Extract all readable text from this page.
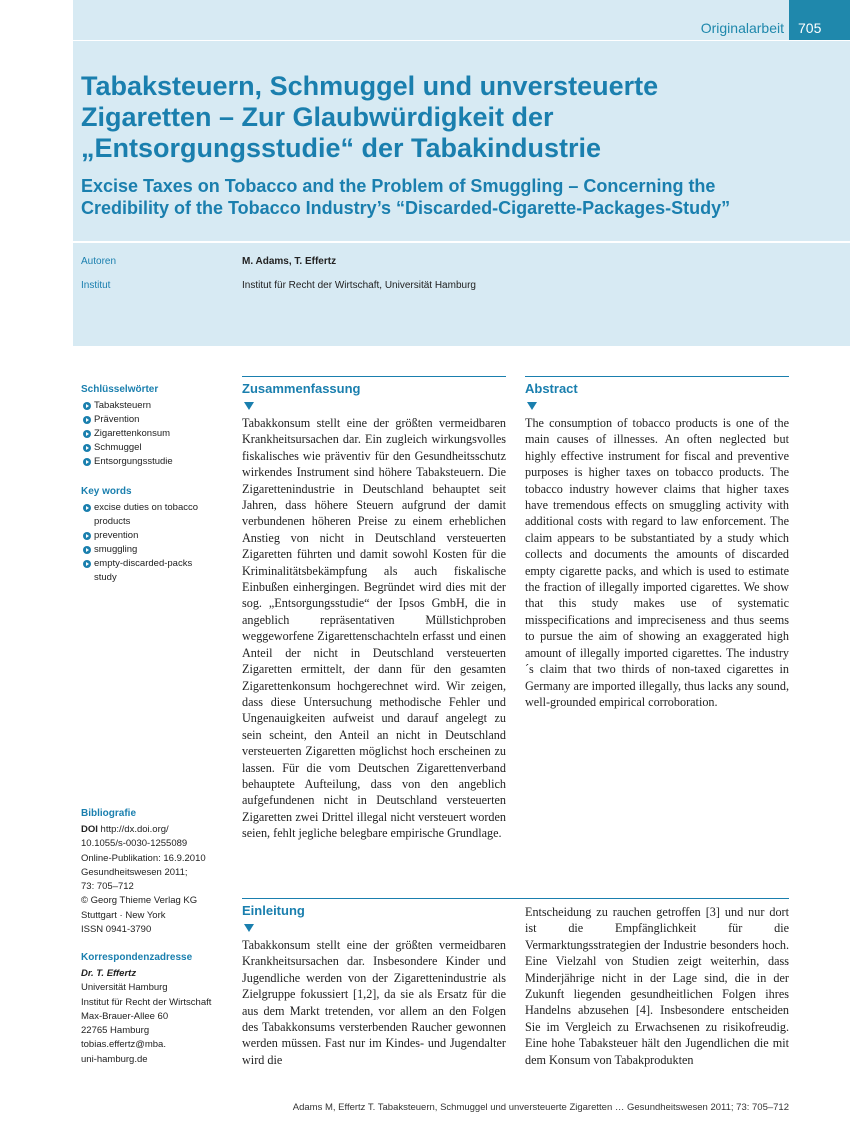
Originalarbeit	705
Tabaksteuern, Schmuggel und unversteuerte Zigaretten – Zur Glaubwürdigkeit der „Entsorgungsstudie“ der Tabakindustrie
Excise Taxes on Tobacco and the Problem of Smuggling – Concerning the Credibility of the Tobacco Industry’s “Discarded-Cigarette-Packages-Study”
Autoren	M. Adams, T. Effertz
Institut	Institut für Recht der Wirtschaft, Universität Hamburg
Schlüsselwörter
Tabaksteuern
Prävention
Zigarettenkonsum
Schmuggel
Entsorgungsstudie
Key words
excise duties on tobacco products
prevention
smuggling
empty-discarded-packs study
Bibliografie
DOI http://dx.doi.org/
10.1055/s-0030-1255089
Online-Publikation: 16.9.2010
Gesundheitswesen 2011;
73: 705–712
© Georg Thieme Verlag KG
Stuttgart · New York
ISSN 0941-3790
Korrespondenzadresse
Dr. T. Effertz
Universität Hamburg
Institut für Recht der Wirtschaft
Max-Brauer-Allee 60
22765 Hamburg
tobias.effertz@mba.
uni-hamburg.de
Zusammenfassung
Tabakkonsum stellt eine der größten vermeidbaren Krankheitsursachen dar. Ein zugleich wirkungsvolles fiskalisches wie präventiv für den Gesundheitsschutz wirkendes Instrument sind höhere Tabaksteuern. Die Zigarettenindustrie in Deutschland behauptet seit Jahren, dass höhere Steuern aufgrund der damit verbundenen höheren Preise zu einem erheblichen Anstieg von nicht in Deutschland versteuerten Zigaretten führten und damit sowohl Kosten für die Kriminalitätsbekämpfung als auch fiskalische Einbußen einhergingen. Begründet wird dies mit der sog. „Entsorgungsstudie“ der Ipsos GmbH, die in angeblich repräsentativen Müllstichproben weggeworfene Zigarettenschachteln erfasst und einen Anteil der nicht in Deutschland versteuerten Zigaretten ermittelt, der dann für den gesamten Zigarettenkonsum hochgerechnet wird. Wir zeigen, dass diese Untersuchung methodische Fehler und Ungenauigkeiten aufweist und darauf angelegt zu sein scheint, den Anteil an nicht in Deutschland versteuerten Zigaretten möglichst hoch erscheinen zu lassen. Für die vom Deutschen Zigarettenverband behauptete Aufteilung, dass von den angeblich aufgefundenen nicht in Deutschland versteuerten Zigaretten zwei Drittel illegal nicht versteuert worden seien, fehlt jegliche belegbare empirische Grundlage.
Abstract
The consumption of tobacco products is one of the main causes of illnesses. An often neglected but highly effective instrument for fiscal and preventive purposes is higher taxes on tobacco products. The tobacco industry however claims that higher taxes have tremendous effects on smuggling activity with additional costs with regard to law enforcement. The claim appears to be substantiated by a study which collects and documents the amounts of discarded empty cigarette packs, and which is used to estimate the fraction of illegally imported cigarettes. We show that this study makes use of systematic misspecifications and impreciseness and thus seems to pursue the aim of showing an exaggerated high amount of illegally imported cigarettes. The industry´s claim that two thirds of non-taxed cigarettes in Germany are imported illegally, thus lacks any sound, well-grounded empirical corroboration.
Einleitung
Tabakkonsum stellt eine der größten vermeidbaren Krankheitsursachen dar. Insbesondere Kinder und Jugendliche werden von der Zigarettenindustrie als Zielgruppe fokussiert [1,2], da sie als Ersatz für die aus dem Markt tretenden, vor allem an den Folgen des Tabakkonsums versterbenden Raucher gewonnen werden müssen. Fast nur im Kindes- und Jugendalter wird die
Entscheidung zu rauchen getroffen [3] und nur dort ist die Empfänglichkeit für die Vermarktungsstrategien der Industrie besonders hoch. Eine Vielzahl von Studien zeigt weiterhin, dass Minderjährige nicht in der Lage sind, die in der Zukunft liegenden gesundheitlichen Folgen ihres Handelns abzusehen [4]. Insbesondere entscheiden Sie im Vergleich zu Erwachsenen zu risikofreudig. Eine hohe Tabaksteuer hält den Jugendlichen die mit dem Konsum von Tabakprodukten
Adams M, Effertz T. Tabaksteuern, Schmuggel und unversteuerte Zigaretten … Gesundheitswesen 2011; 73: 705–712
